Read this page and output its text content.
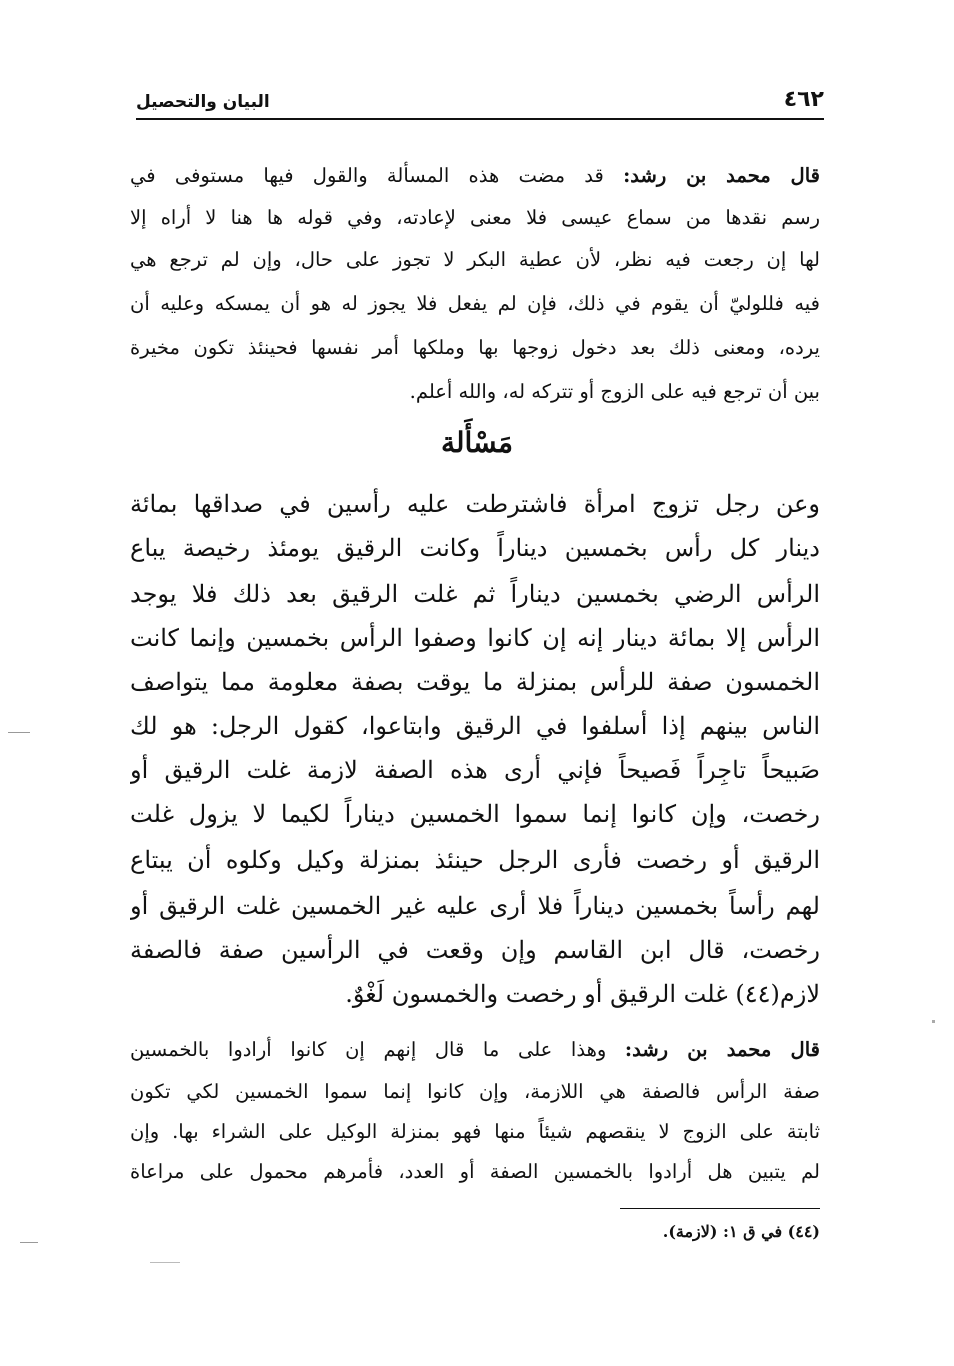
البيان والتحصيل	٤٦٢
قال محمد بن رشد: قد مضت هذه المسألة والقول فيها مستوفى في
رسم نقدها من سماع عيسى فلا معنى لإعادته، وفي قوله ها هنا لا أراه إلا
لها إن رجعت فيه نظر، لأن عطية البكر لا تجوز على حال، وإن لم ترجع هي
فيه فللوليّ أن يقوم في ذلك، فإن لم يفعل فلا يجوز له هو أن يمسكه وعليه أن
يرده، ومعنى ذلك بعد دخول زوجها بها وملكها أمر نفسها فحينئذ تكون مخيرة
بين أن ترجع فيه على الزوج أو تتركه له، والله أعلم.
مَسْأَلة
وعن رجل تزوج امرأة فاشترطت عليه رأسين في صداقها بمائة
دينار كل رأس بخمسين ديناراً وكانت الرقيق يومئذ رخيصة يباع
الرأس الرضي بخمسين ديناراً ثم غلت الرقيق بعد ذلك فلا يوجد
الرأس إلا بمائة دينار إنه إن كانوا وصفوا الرأس بخمسين وإنما كانت
الخمسون صفة للرأس بمنزلة ما يوقت بصفة معلومة مما يتواصف
الناس بينهم إذا أسلفوا في الرقيق وابتاعوا، كقول الرجل: هو لك
صَبيحاً تاجِراً فَصيحاً فإني أرى هذه الصفة لازمة غلت الرقيق أو
رخصت، وإن كانوا إنما سموا الخمسين ديناراً لكيما لا يزول غلت
الرقيق أو رخصت فأرى الرجل حينئذ بمنزلة وكيل وكلوه أن يبتاع
لهم رأساً بخمسين ديناراً فلا أرى عليه غير الخمسين غلت الرقيق أو
رخصت، قال ابن القاسم وإن وقعت في الرأسين صفة فالصفة
لازم(٤٤) غلت الرقيق أو رخصت والخمسون لَغْوٌ.
قال محمد بن رشد: وهذا على ما قال إنهم إن كانوا أرادوا بالخمسين
صفة الرأس فالصفة هي اللازمة، وإن كانوا إنما سموا الخمسين لكي تكون
ثابتة على الزوج لا ينقصهم شيئاً منها فهو بمنزلة الوكيل على الشراء بها. وإن
لم يتبين هل أرادوا بالخمسين الصفة أو العدد، فأمرهم محمول على مراعاة
(٤٤) في ق ١: (لازمة).
